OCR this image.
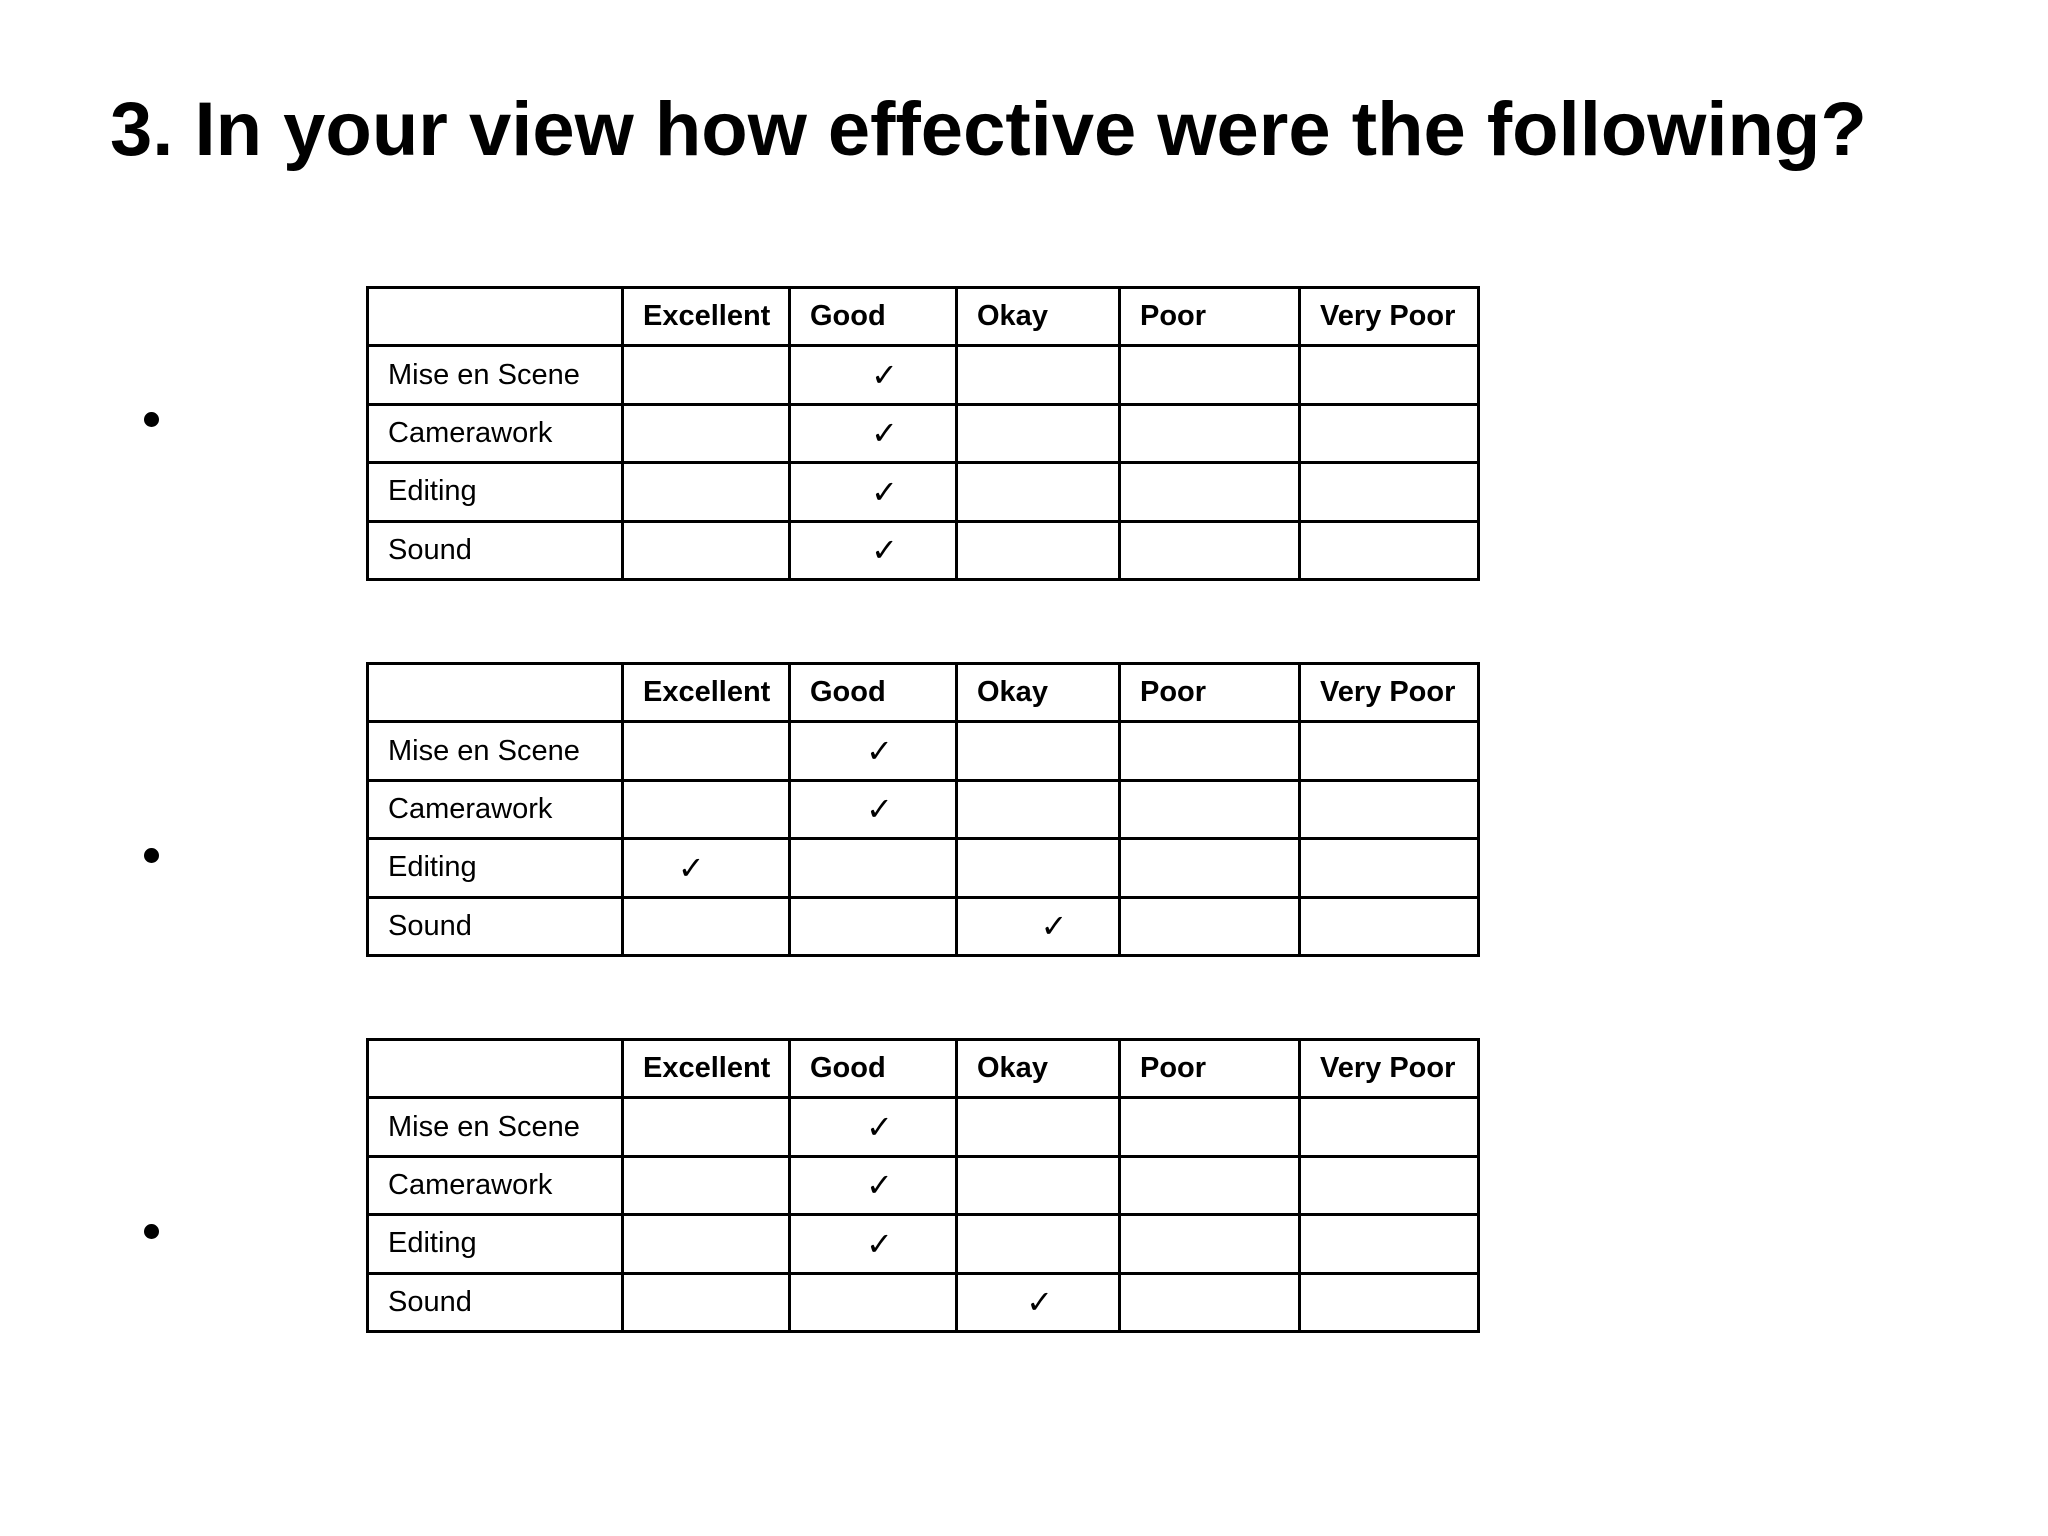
3. In your view how effective were the following?
	Excellent	Good	Okay	Poor	Very Poor
Mise en Scene		✓			

Camerawork		✓			

Editing		✓			

Sound		✓			

	Excellent	Good	Okay	Poor	Very Poor
Mise en Scene		✓			

Camerawork		✓			

Editing	✓				

Sound			✓		

	Excellent	Good	Okay	Poor	Very Poor
Mise en Scene		✓			

Camerawork		✓			

Editing		✓			

Sound			✓		
